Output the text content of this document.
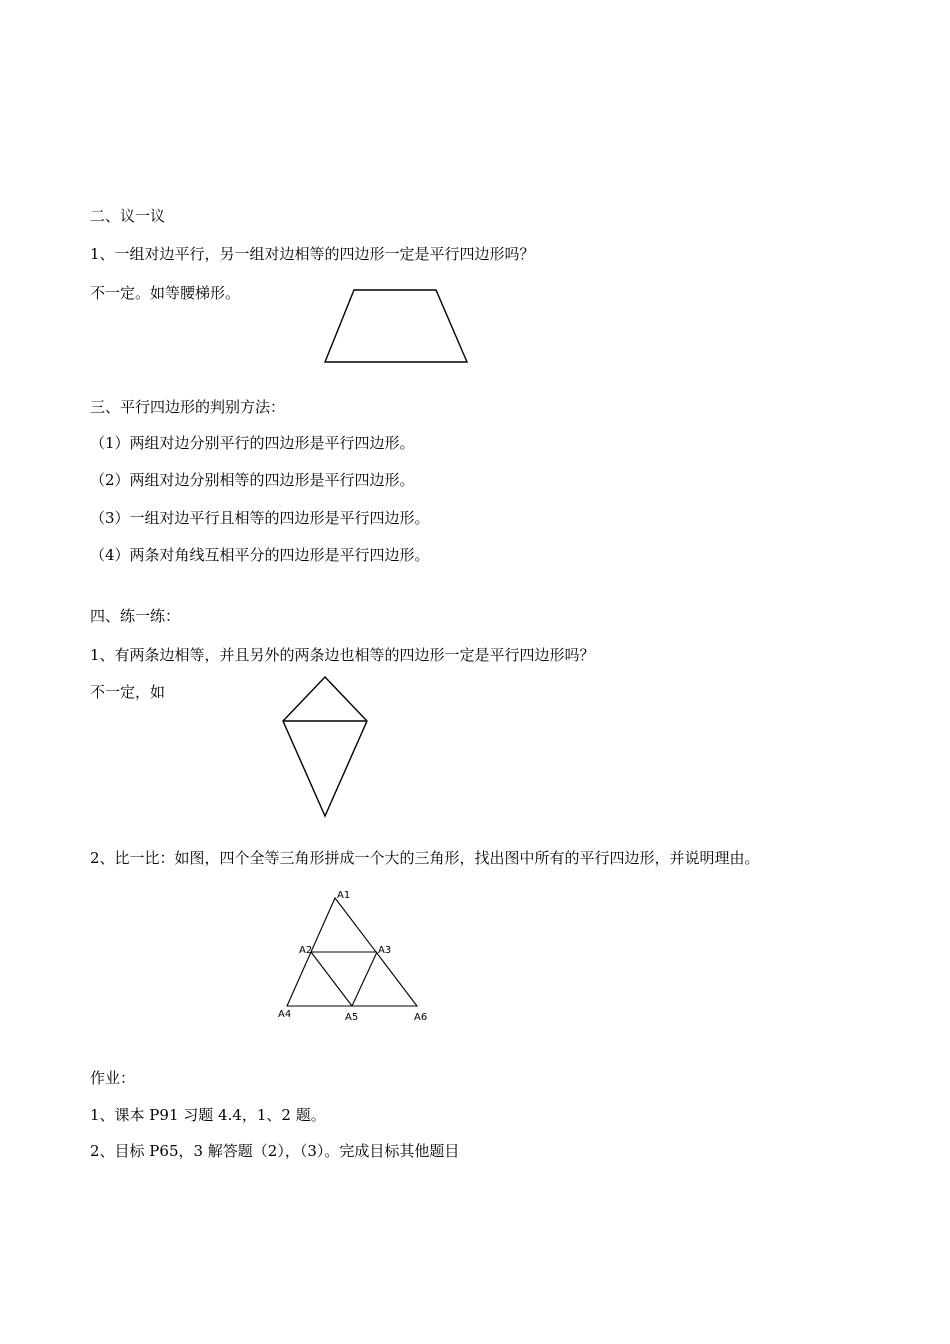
二、议一议
1、一组对边平行，另一组对边相等的四边形一定是平行四边形吗？
不一定。如等腰梯形。
三、平行四边形的判别方法：
（1）两组对边分别平行的四边形是平行四边形。
（2）两组对边分别相等的四边形是平行四边形。
（3）一组对边平行且相等的四边形是平行四边形。
（4）两条对角线互相平分的四边形是平行四边形。
四、练一练：
1、有两条边相等，并且另外的两条边也相等的四边形一定是平行四边形吗？
不一定，如
2、比一比：如图，四个全等三角形拼成一个大的三角形，找出图中所有的平行四边形，并说明理由。
A1
A2	A3
A4	A5	A6
作业：
1、课本 P91 习题 4.4，1、2 题。
2、目标 P65，3 解答题（2），（3）。完成目标其他题目
